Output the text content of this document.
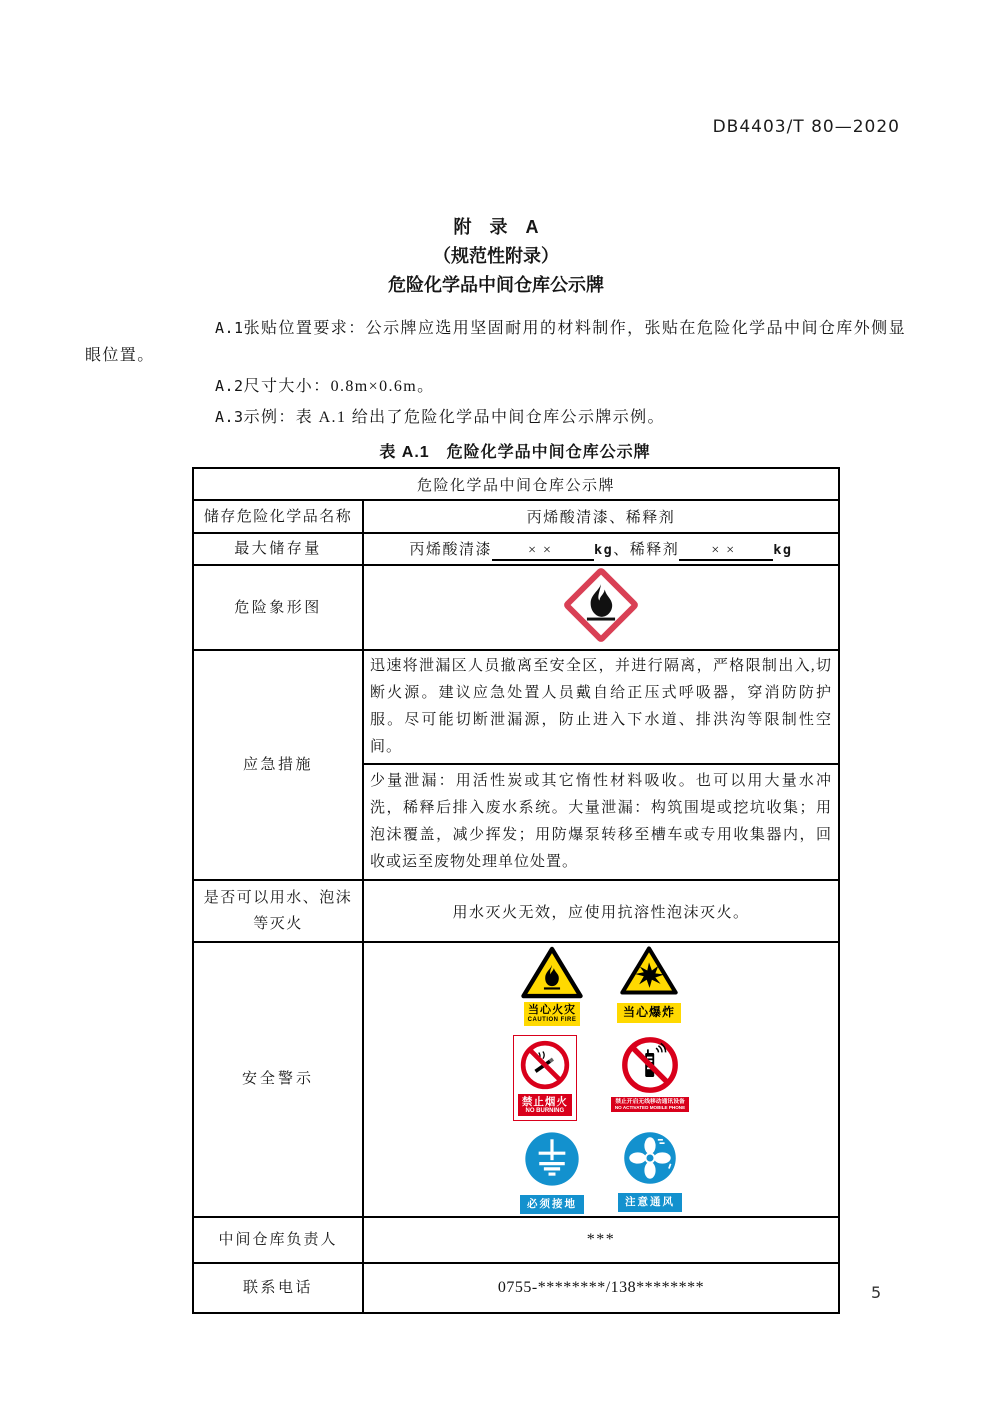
DB4403/T 80—2020
附　录　A
（规范性附录）
危险化学品中间仓库公示牌
A.1张贴位置要求：公示牌应选用坚固耐用的材料制作，张贴在危险化学品中间仓库外侧显眼位置。
A.2尺寸大小：0.8m×0.6m。
A.3示例：表 A.1 给出了危险化学品中间仓库公示牌示例。
表 A.1　危险化学品中间仓库公示牌
危险化学品中间仓库公示牌	
储存危险化学品名称	丙烯酸清漆、稀释剂
最大储存量	丙烯酸清漆 ×× kg、稀释剂 ×× kg
危险象形图	
应急措施	迅速将泄漏区人员撤离至安全区，并进行隔离，严格限制出入,切断火源。建议应急处置人员戴自给正压式呼吸器，穿消防防护服。尽可能切断泄漏源，防止进入下水道、排洪沟等限制性空间。
	少量泄漏：用活性炭或其它惰性材料吸收。也可以用大量水冲洗，稀释后排入废水系统。大量泄漏：构筑围堤或挖坑收集；用泡沫覆盖，减少挥发；用防爆泵转移至槽车或专用收集器内，回收或运至废物处理单位处置。
是否可以用水、泡沫等灭火	用水灭火无效，应使用抗溶性泡沫灭火。
安全警示	
当心火灾
CAUTION FIRE
当心爆炸
禁止烟火
NO BURNING
禁止开启无线移动通讯设备
NO ACTIVATED MOBILE PHONE
必须接地	注意通风

中间仓库负责人	***
联系电话	0755-********/138********	5
